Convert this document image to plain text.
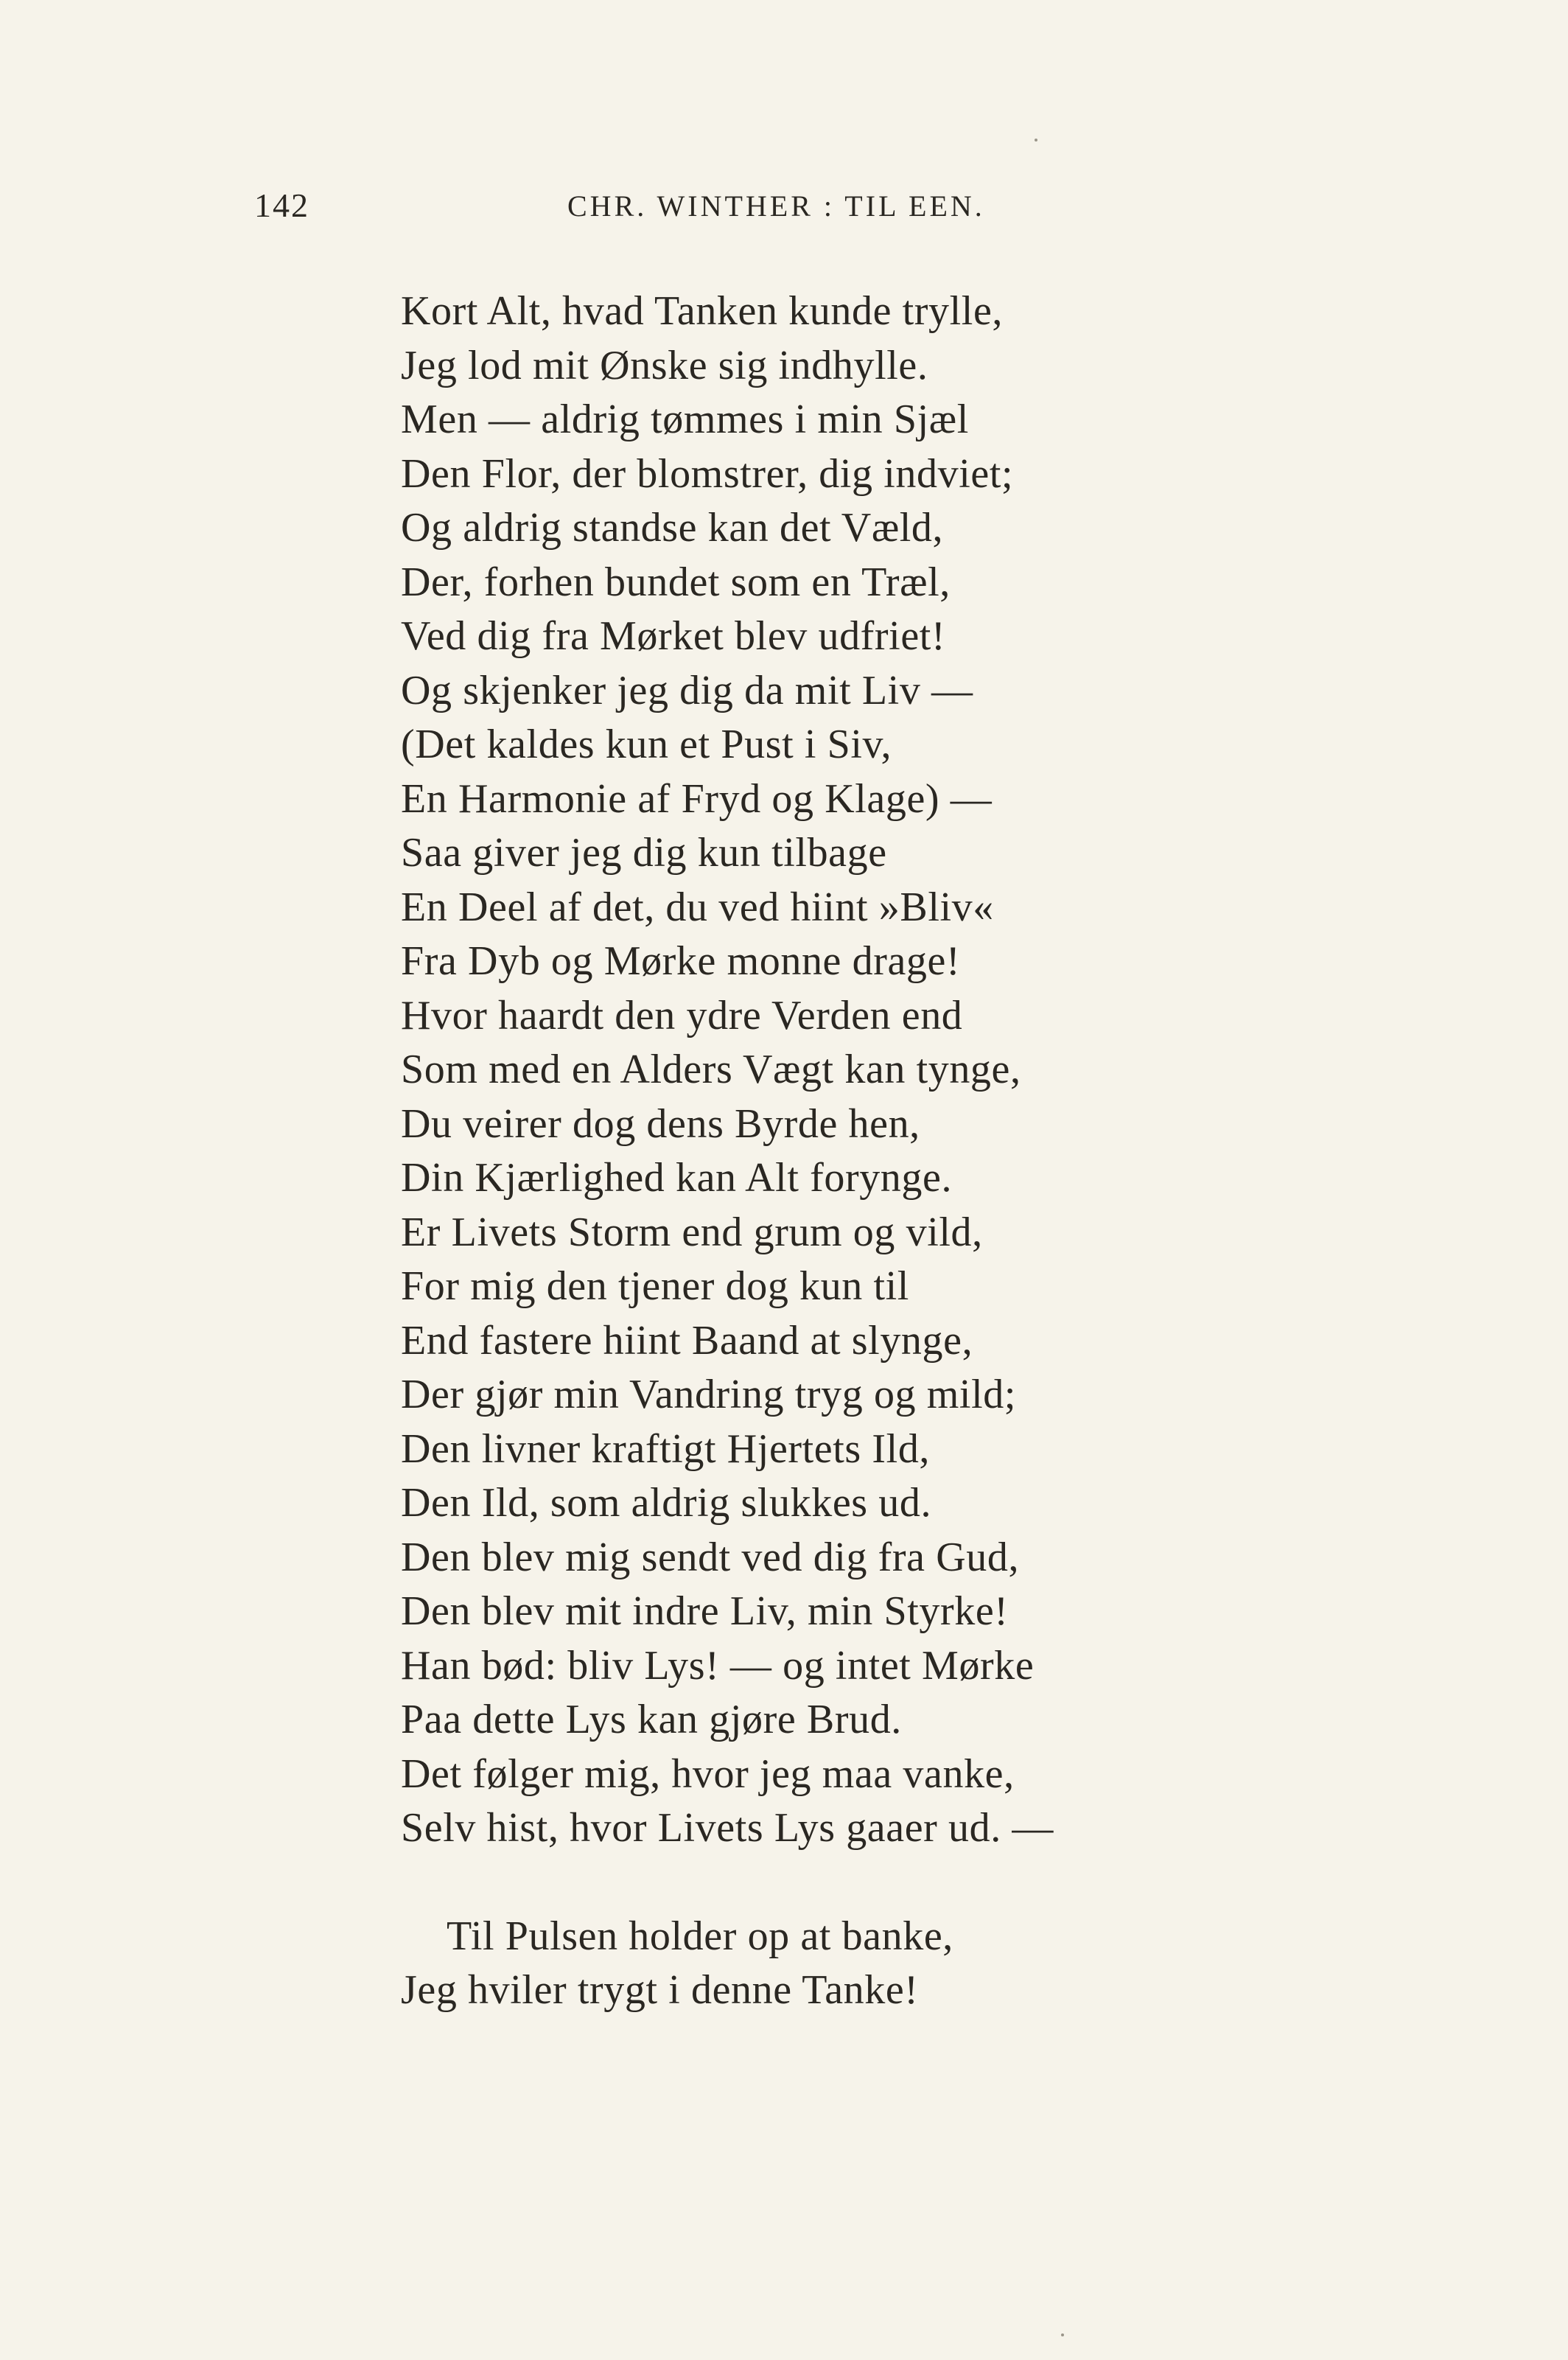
142	CHR. WINTHER : TIL EEN.
Kort Alt, hvad Tanken kunde trylle,
Jeg lod mit Ønske sig indhylle.
Men — aldrig tømmes i min Sjæl
Den Flor, der blomstrer, dig indviet;
Og aldrig standse kan det Væld,
Der, forhen bundet som en Træl,
Ved dig fra Mørket blev udfriet!
Og skjenker jeg dig da mit Liv —
(Det kaldes kun et Pust i Siv,
En Harmonie af Fryd og Klage) —
Saa giver jeg dig kun tilbage
En Deel af det, du ved hiint »Bliv«
Fra Dyb og Mørke monne drage!
Hvor haardt den ydre Verden end
Som med en Alders Vægt kan tynge,
Du veirer dog dens Byrde hen,
Din Kjærlighed kan Alt forynge.
Er Livets Storm end grum og vild,
For mig den tjener dog kun til
End fastere hiint Baand at slynge,
Der gjør min Vandring tryg og mild;
Den livner kraftigt Hjertets Ild,
Den Ild, som aldrig slukkes ud.
Den blev mig sendt ved dig fra Gud,
Den blev mit indre Liv, min Styrke!
Han bød: bliv Lys! — og intet Mørke
Paa dette Lys kan gjøre Brud.
Det følger mig, hvor jeg maa vanke,
Selv hist, hvor Livets Lys gaaer ud. —
Til Pulsen holder op at banke,
Jeg hviler trygt i denne Tanke!
